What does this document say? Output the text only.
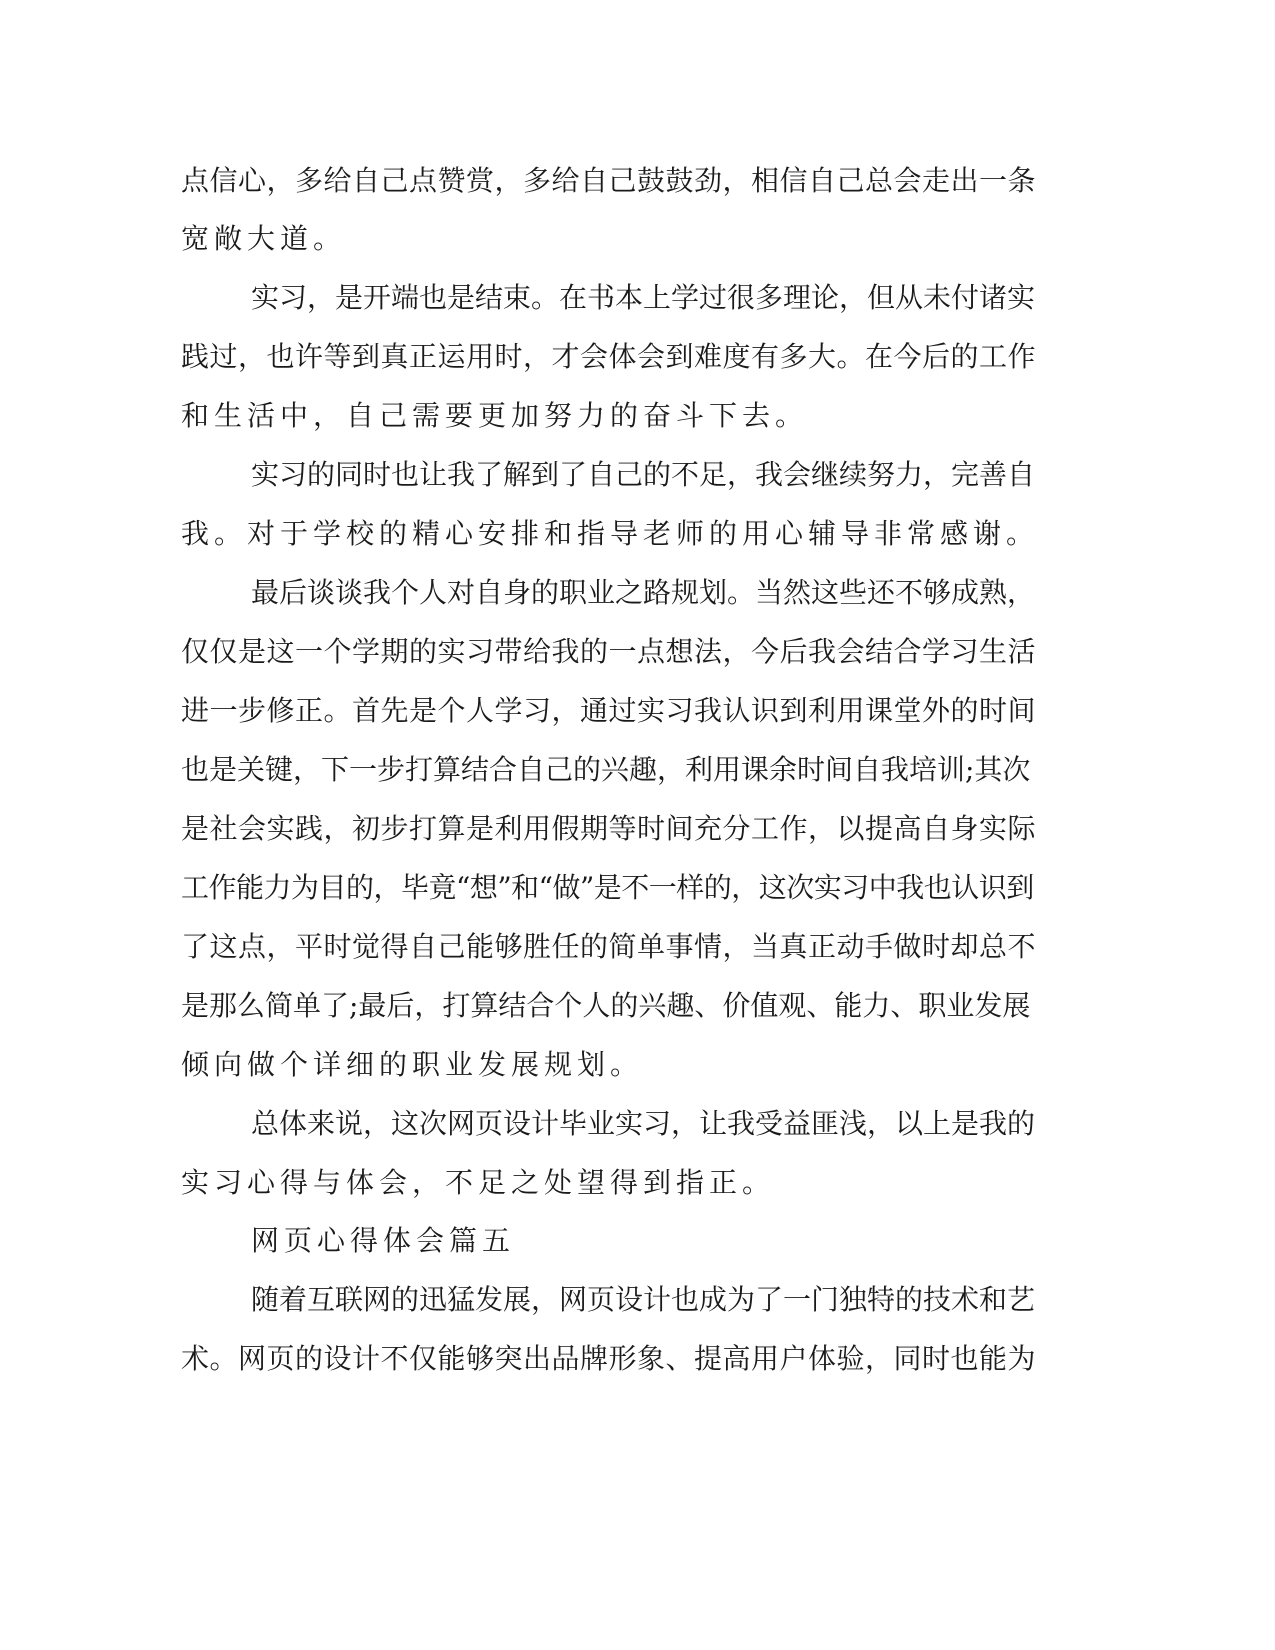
点信心，多给自己点赞赏，多给自己鼓鼓劲，相信自己总会走出一条
宽敞大道。
实习，是开端也是结束。在书本上学过很多理论，但从未付诸实
践过，也许等到真正运用时，才会体会到难度有多大。在今后的工作
和生活中，自己需要更加努力的奋斗下去。
实习的同时也让我了解到了自己的不足，我会继续努力，完善自
我。对于学校的精心安排和指导老师的用心辅导非常感谢。
最后谈谈我个人对自身的职业之路规划。当然这些还不够成熟，
仅仅是这一个学期的实习带给我的一点想法，今后我会结合学习生活
进一步修正。首先是个人学习，通过实习我认识到利用课堂外的时间
也是关键，下一步打算结合自己的兴趣，利用课余时间自我培训;其次
是社会实践，初步打算是利用假期等时间充分工作，以提高自身实际
工作能力为目的，毕竟“想”和“做”是不一样的，这次实习中我也认识到
了这点，平时觉得自己能够胜任的简单事情，当真正动手做时却总不
是那么简单了;最后，打算结合个人的兴趣、价值观、能力、职业发展
倾向做个详细的职业发展规划。
总体来说，这次网页设计毕业实习，让我受益匪浅，以上是我的
实习心得与体会，不足之处望得到指正。
网页心得体会篇五
随着互联网的迅猛发展，网页设计也成为了一门独特的技术和艺
术。网页的设计不仅能够突出品牌形象、提高用户体验，同时也能为
